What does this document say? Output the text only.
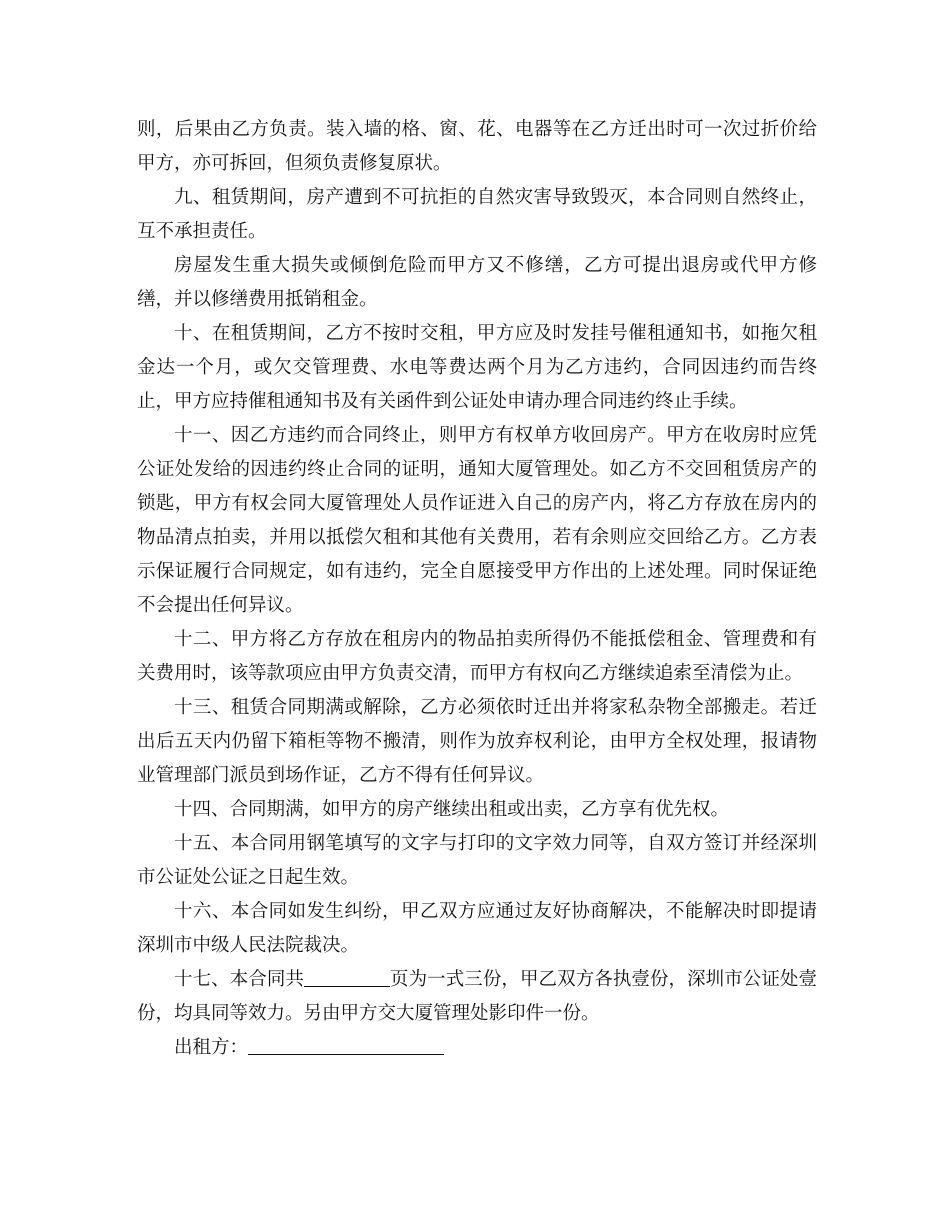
则，后果由乙方负责。装入墙的格、窗、花、电器等在乙方迁出时可一次过折价给甲方，亦可拆回，但须负责修复原状。

九、租赁期间，房产遭到不可抗拒的自然灾害导致毁灭，本合同则自然终止，互不承担责任。

房屋发生重大损失或倾倒危险而甲方又不修缮，乙方可提出退房或代甲方修缮，并以修缮费用抵销租金。

十、在租赁期间，乙方不按时交租，甲方应及时发挂号催租通知书，如拖欠租金达一个月，或欠交管理费、水电等费达两个月为乙方违约，合同因违约而告终止，甲方应持催租通知书及有关函件到公证处申请办理合同违约终止手续。

十一、因乙方违约而合同终止，则甲方有权单方收回房产。甲方在收房时应凭公证处发给的因违约终止合同的证明，通知大厦管理处。如乙方不交回租赁房产的锁匙，甲方有权会同大厦管理处人员作证进入自己的房产内，将乙方存放在房内的物品清点拍卖，并用以抵偿欠租和其他有关费用，若有余则应交回给乙方。乙方表示保证履行合同规定，如有违约，完全自愿接受甲方作出的上述处理。同时保证绝不会提出任何异议。

十二、甲方将乙方存放在租房内的物品拍卖所得仍不能抵偿租金、管理费和有关费用时，该等款项应由甲方负责交清，而甲方有权向乙方继续追索至清偿为止。

十三、租赁合同期满或解除，乙方必须依时迁出并将家私杂物全部搬走。若迁出后五天内仍留下箱柜等物不搬清，则作为放弃权利论，由甲方全权处理，报请物业管理部门派员到场作证，乙方不得有任何异议。

十四、合同期满，如甲方的房产继续出租或出卖，乙方享有优先权。

十五、本合同用钢笔填写的文字与打印的文字效力同等，自双方签订并经深圳市公证处公证之日起生效。

十六、本合同如发生纠纷，甲乙双方应通过友好协商解决，不能解决时即提请深圳市中级人民法院裁决。

十七、本合同共	页为一式三份，甲乙双方各执壹份，深圳市公证处壹份，均具同等效力。另由甲方交大厦管理处影印件一份。

出租方：
